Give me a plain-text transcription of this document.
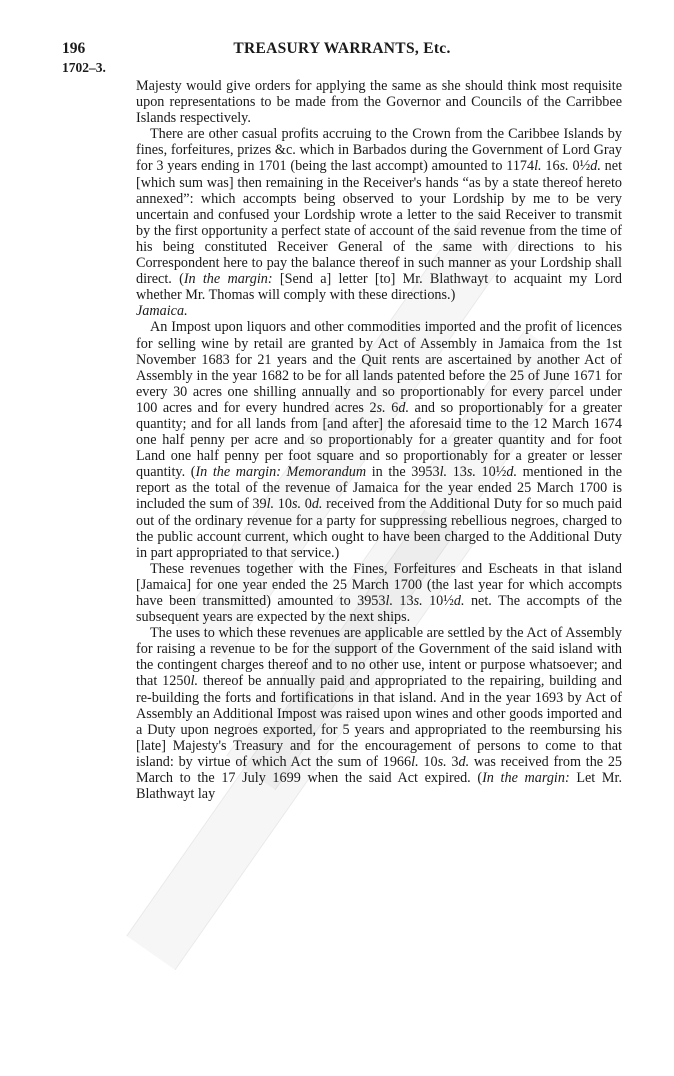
196	TREASURY WARRANTS, Etc.
1702–3.

Majesty would give orders for applying the same as she should think most requisite upon representations to be made from the Governor and Councils of the Carribbee Islands respectively.

There are other casual profits accruing to the Crown from the Caribbee Islands by fines, forfeitures, prizes &c. which in Barbados during the Government of Lord Gray for 3 years ending in 1701 (being the last accompt) amounted to 1174l. 16s. 0½d. net [which sum was] then remaining in the Receiver's hands “as by a state thereof hereto annexed”: which accompts being observed to your Lordship by me to be very uncertain and confused your Lordship wrote a letter to the said Receiver to transmit by the first opportunity a perfect state of account of the said revenue from the time of his being constituted Receiver General of the same with directions to his Correspondent here to pay the balance thereof in such manner as your Lordship shall direct. (In the margin: [Send a] letter [to] Mr. Blathwayt to acquaint my Lord whether Mr. Thomas will comply with these directions.)

Jamaica.

An Impost upon liquors and other commodities imported and the profit of licences for selling wine by retail are granted by Act of Assembly in Jamaica from the 1st November 1683 for 21 years and the Quit rents are ascertained by another Act of Assembly in the year 1682 to be for all lands patented before the 25 of June 1671 for every 30 acres one shilling annually and so proportionably for every parcel under 100 acres and for every hundred acres 2s. 6d. and so proportionably for a greater quantity; and for all lands from [and after] the aforesaid time to the 12 March 1674 one half penny per acre and so proportionably for a greater quantity and for foot Land one half penny per foot square and so proportionably for a greater or lesser quantity. (In the margin: Memorandum in the 3953l. 13s. 10½d. mentioned in the report as the total of the revenue of Jamaica for the year ended 25 March 1700 is included the sum of 39l. 10s. 0d. received from the Additional Duty for so much paid out of the ordinary revenue for a party for suppressing rebellious negroes, charged to the public account current, which ought to have been charged to the Additional Duty in part appropriated to that service.)

These revenues together with the Fines, Forfeitures and Escheats in that island [Jamaica] for one year ended the 25 March 1700 (the last year for which accompts have been transmitted) amounted to 3953l. 13s. 10½d. net. The accompts of the subsequent years are expected by the next ships.

The uses to which these revenues are applicable are settled by the Act of Assembly for raising a revenue to be for the support of the Government of the said island with the contingent charges thereof and to no other use, intent or purpose whatsoever; and that 1250l. thereof be annually paid and appropriated to the repairing, building and re-building the forts and fortifications in that island. And in the year 1693 by Act of Assembly an Additional Impost was raised upon wines and other goods imported and a Duty upon negroes exported, for 5 years and appropriated to the reembursing his [late] Majesty's Treasury and for the encouragement of persons to come to that island: by virtue of which Act the sum of 1966l. 10s. 3d. was received from the 25 March to the 17 July 1699 when the said Act expired. (In the margin: Let Mr. Blathwayt lay
